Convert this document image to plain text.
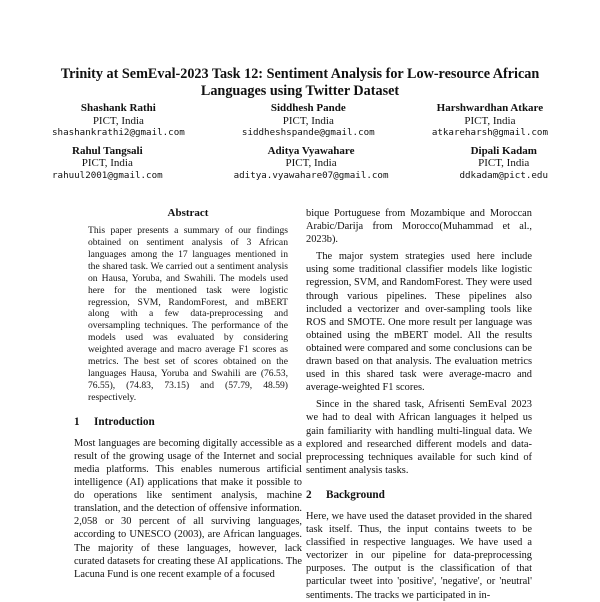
Trinity at SemEval-2023 Task 12: Sentiment Analysis for Low-resource African Languages using Twitter Dataset
Shashank Rathi
PICT, India
shashankrathi2@gmail.com
Siddhesh Pande
PICT, India
siddheshspande@gmail.com
Harshwardhan Atkare
PICT, India
atkareharsh@gmail.com
Rahul Tangsali
PICT, India
rahuul2001@gmail.com
Aditya Vyawahare
PICT, India
aditya.vyawahare07@gmail.com
Dipali Kadam
PICT, India
ddkadam@pict.edu
Abstract

This paper presents a summary of our findings obtained on sentiment analysis of 3 African languages among the 17 languages mentioned in the shared task. We carried out a sentiment analysis on Hausa, Yoruba, and Swahili. The models used here for the mentioned task were logistic regression, SVM, RandomForest, and mBERT along with a few data-preprocessing and oversampling techniques. The performance of the models used was evaluated by considering weighted average and macro average F1 scores as metrics. The best set of scores obtained on the languages Hausa, Yoruba and Swahili are (76.53, 76.55), (74.83, 73.15) and (57.79, 48.59) respectively.

1 Introduction

Most languages are becoming digitally accessible as a result of the growing usage of the Internet and social media platforms. This enables numerous artificial intelligence (AI) applications that make it possible to do operations like sentiment analysis, machine translation, and the detection of offensive information. 2,058 or 30 percent of all surviving languages, according to UNESCO (2003), are African languages. The majority of these languages, however, lack curated datasets for creating these AI applications. The Lacuna Fund is one recent example of a focused

bique Portuguese from Mozambique and Moroccan Arabic/Darija from Morocco(Muhammad et al., 2023b).

The major system strategies used here include using some traditional classifier models like logistic regression, SVM, and RandomForest. They were used through various pipelines. These pipelines also included a vectorizer and over-sampling tools like ROS and SMOTE. One more result per language was obtained using the mBERT model. All the results obtained were compared and some conclusions can be drawn based on that analysis. The evaluation metrics used in this shared task were average-macro and average-weighted F1 scores.

Since in the shared task, Afrisenti SemEval 2023 we had to deal with African languages it helped us gain familiarity with handling multi-lingual data. We explored and researched different models and data-preprocessing techniques available for such kind of sentiment analysis tasks.

2 Background

Here, we have used the dataset provided in the shared task itself. Thus, the input contains tweets to be classified in respective languages. We have used a vectorizer in our pipeline for data-preprocessing purposes. The output is the classification of that particular tweet into 'positive', 'negative', or 'neutral' sentiments. The tracks we participated in in-
